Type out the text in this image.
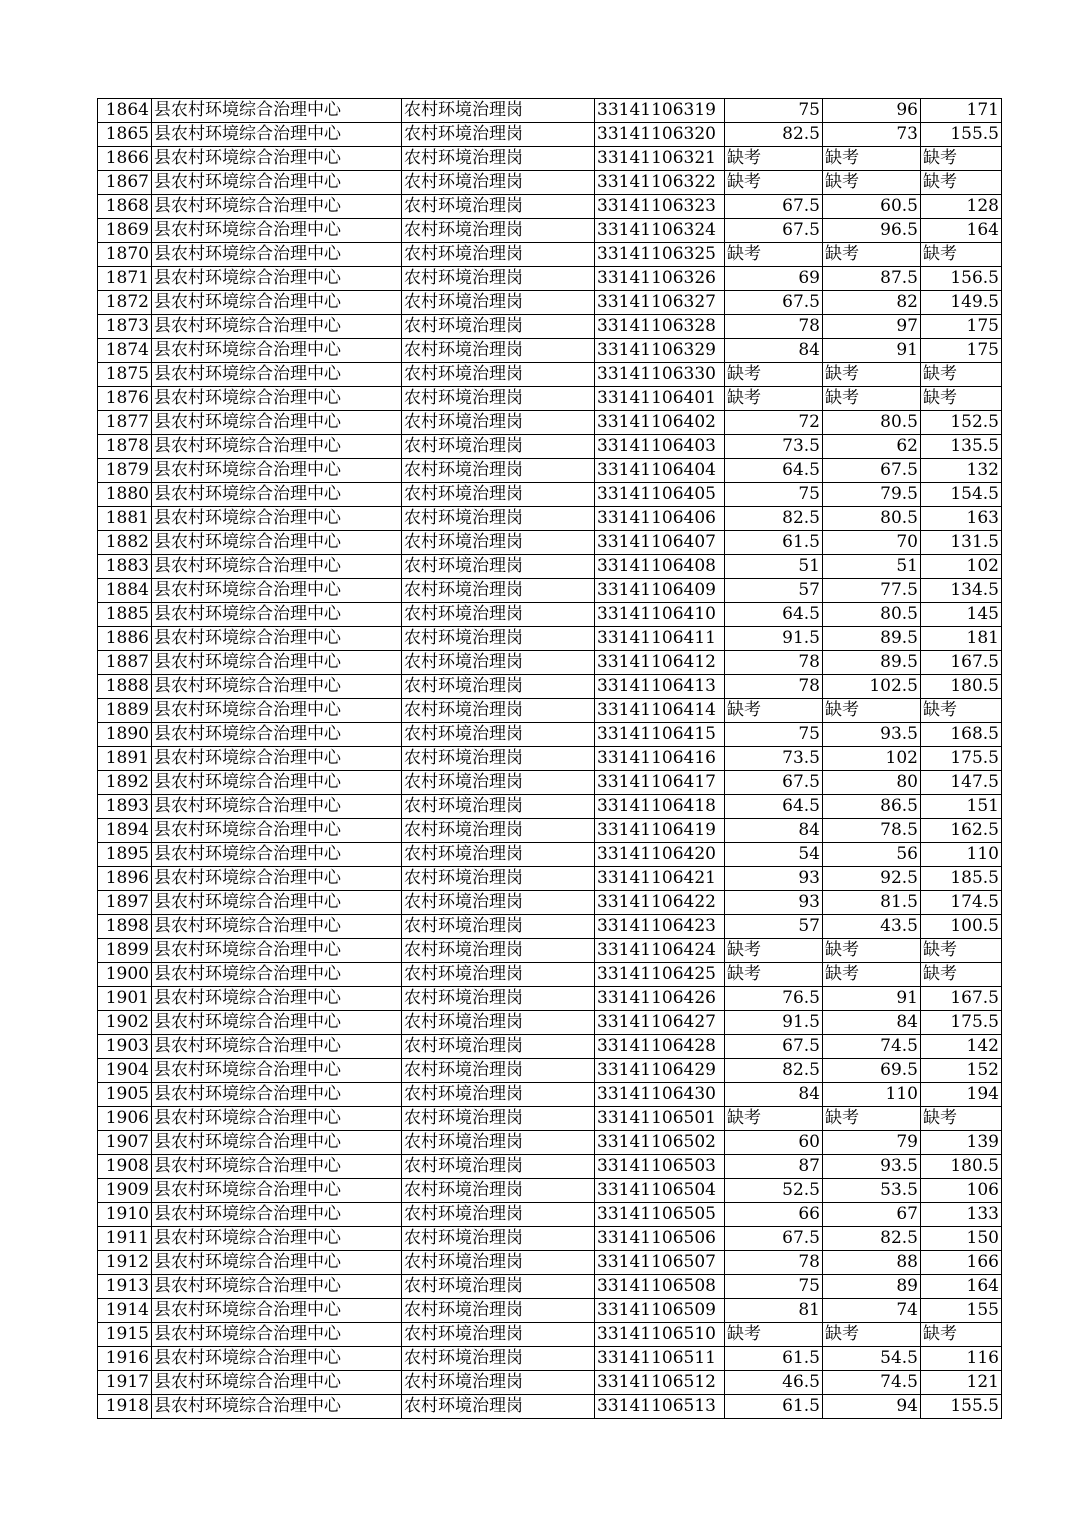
1864	县农村环境综合治理中心	农村环境治理岗	33141106319	75	96	171
1865	县农村环境综合治理中心	农村环境治理岗	33141106320	82.5	73	155.5
1866	县农村环境综合治理中心	农村环境治理岗	33141106321	缺考	缺考	缺考
1867	县农村环境综合治理中心	农村环境治理岗	33141106322	缺考	缺考	缺考
1868	县农村环境综合治理中心	农村环境治理岗	33141106323	67.5	60.5	128
1869	县农村环境综合治理中心	农村环境治理岗	33141106324	67.5	96.5	164
1870	县农村环境综合治理中心	农村环境治理岗	33141106325	缺考	缺考	缺考
1871	县农村环境综合治理中心	农村环境治理岗	33141106326	69	87.5	156.5
1872	县农村环境综合治理中心	农村环境治理岗	33141106327	67.5	82	149.5
1873	县农村环境综合治理中心	农村环境治理岗	33141106328	78	97	175
1874	县农村环境综合治理中心	农村环境治理岗	33141106329	84	91	175
1875	县农村环境综合治理中心	农村环境治理岗	33141106330	缺考	缺考	缺考
1876	县农村环境综合治理中心	农村环境治理岗	33141106401	缺考	缺考	缺考
1877	县农村环境综合治理中心	农村环境治理岗	33141106402	72	80.5	152.5
1878	县农村环境综合治理中心	农村环境治理岗	33141106403	73.5	62	135.5
1879	县农村环境综合治理中心	农村环境治理岗	33141106404	64.5	67.5	132
1880	县农村环境综合治理中心	农村环境治理岗	33141106405	75	79.5	154.5
1881	县农村环境综合治理中心	农村环境治理岗	33141106406	82.5	80.5	163
1882	县农村环境综合治理中心	农村环境治理岗	33141106407	61.5	70	131.5
1883	县农村环境综合治理中心	农村环境治理岗	33141106408	51	51	102
1884	县农村环境综合治理中心	农村环境治理岗	33141106409	57	77.5	134.5
1885	县农村环境综合治理中心	农村环境治理岗	33141106410	64.5	80.5	145
1886	县农村环境综合治理中心	农村环境治理岗	33141106411	91.5	89.5	181
1887	县农村环境综合治理中心	农村环境治理岗	33141106412	78	89.5	167.5
1888	县农村环境综合治理中心	农村环境治理岗	33141106413	78	102.5	180.5
1889	县农村环境综合治理中心	农村环境治理岗	33141106414	缺考	缺考	缺考
1890	县农村环境综合治理中心	农村环境治理岗	33141106415	75	93.5	168.5
1891	县农村环境综合治理中心	农村环境治理岗	33141106416	73.5	102	175.5
1892	县农村环境综合治理中心	农村环境治理岗	33141106417	67.5	80	147.5
1893	县农村环境综合治理中心	农村环境治理岗	33141106418	64.5	86.5	151
1894	县农村环境综合治理中心	农村环境治理岗	33141106419	84	78.5	162.5
1895	县农村环境综合治理中心	农村环境治理岗	33141106420	54	56	110
1896	县农村环境综合治理中心	农村环境治理岗	33141106421	93	92.5	185.5
1897	县农村环境综合治理中心	农村环境治理岗	33141106422	93	81.5	174.5
1898	县农村环境综合治理中心	农村环境治理岗	33141106423	57	43.5	100.5
1899	县农村环境综合治理中心	农村环境治理岗	33141106424	缺考	缺考	缺考
1900	县农村环境综合治理中心	农村环境治理岗	33141106425	缺考	缺考	缺考
1901	县农村环境综合治理中心	农村环境治理岗	33141106426	76.5	91	167.5
1902	县农村环境综合治理中心	农村环境治理岗	33141106427	91.5	84	175.5
1903	县农村环境综合治理中心	农村环境治理岗	33141106428	67.5	74.5	142
1904	县农村环境综合治理中心	农村环境治理岗	33141106429	82.5	69.5	152
1905	县农村环境综合治理中心	农村环境治理岗	33141106430	84	110	194
1906	县农村环境综合治理中心	农村环境治理岗	33141106501	缺考	缺考	缺考
1907	县农村环境综合治理中心	农村环境治理岗	33141106502	60	79	139
1908	县农村环境综合治理中心	农村环境治理岗	33141106503	87	93.5	180.5
1909	县农村环境综合治理中心	农村环境治理岗	33141106504	52.5	53.5	106
1910	县农村环境综合治理中心	农村环境治理岗	33141106505	66	67	133
1911	县农村环境综合治理中心	农村环境治理岗	33141106506	67.5	82.5	150
1912	县农村环境综合治理中心	农村环境治理岗	33141106507	78	88	166
1913	县农村环境综合治理中心	农村环境治理岗	33141106508	75	89	164
1914	县农村环境综合治理中心	农村环境治理岗	33141106509	81	74	155
1915	县农村环境综合治理中心	农村环境治理岗	33141106510	缺考	缺考	缺考
1916	县农村环境综合治理中心	农村环境治理岗	33141106511	61.5	54.5	116
1917	县农村环境综合治理中心	农村环境治理岗	33141106512	46.5	74.5	121
1918	县农村环境综合治理中心	农村环境治理岗	33141106513	61.5	94	155.5
